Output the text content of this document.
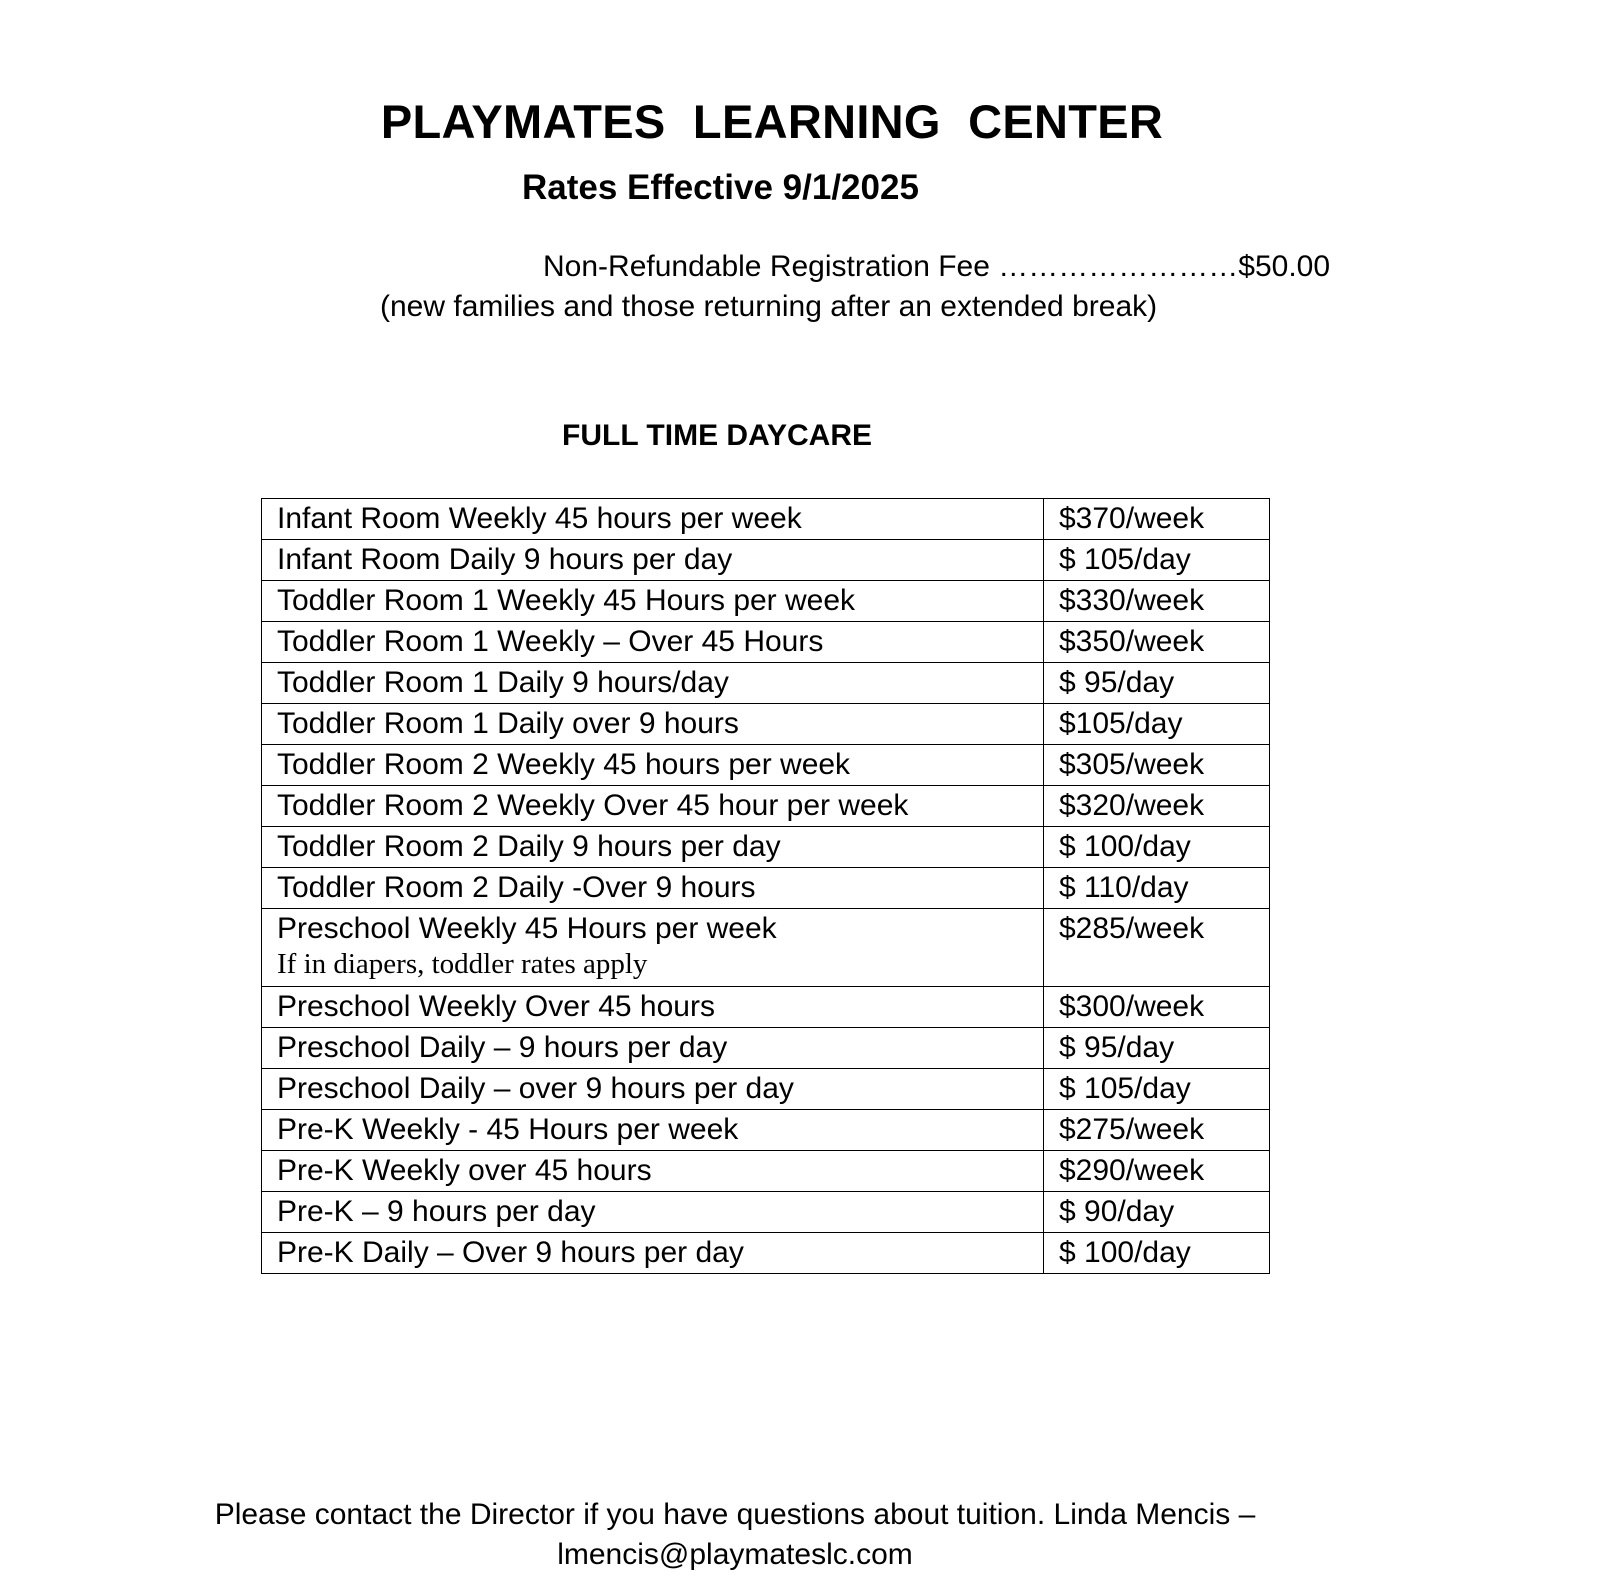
PLAYMATES LEARNING CENTER
Rates Effective 9/1/2025
Non-Refundable Registration Fee ……………………$50.00
(new families and those returning after an extended break)
FULL TIME DAYCARE
Infant Room Weekly 45 hours per week	$370/week
Infant Room Daily 9 hours per day	$ 105/day
Toddler Room 1 Weekly 45 Hours per week	$330/week
Toddler Room 1 Weekly – Over 45 Hours	$350/week
Toddler Room 1 Daily 9 hours/day	$ 95/day
Toddler Room 1 Daily over 9 hours	$105/day
Toddler Room 2 Weekly 45 hours per week	$305/week
Toddler Room 2 Weekly Over 45 hour per week	$320/week
Toddler Room 2 Daily 9 hours per day	$ 100/day
Toddler Room 2 Daily -Over 9 hours	$ 110/day
Preschool Weekly 45 Hours per week
If in diapers, toddler rates apply	$285/week
Preschool Weekly Over 45 hours	$300/week
Preschool Daily – 9 hours per day	$ 95/day
Preschool Daily – over 9 hours per day	$ 105/day
Pre-K Weekly - 45 Hours per week	$275/week
Pre-K Weekly over 45 hours	$290/week
Pre-K – 9 hours per day	$ 90/day
Pre-K Daily – Over 9 hours per day	$ 100/day
Please contact the Director if you have questions about tuition. Linda Mencis –
lmencis@playmateslc.com
